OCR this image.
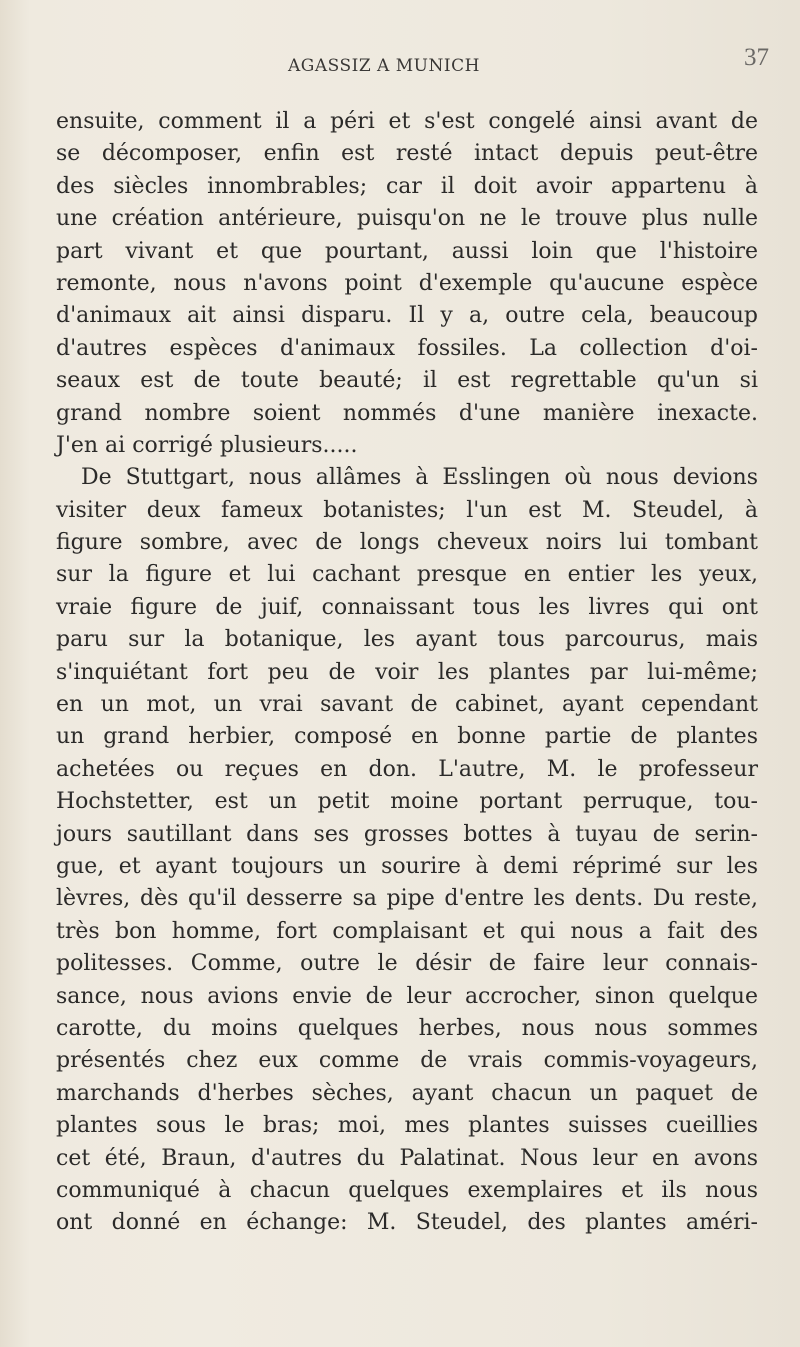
AGASSIZ A MUNICH	37
ensuite, comment il a péri et s'est congelé ainsi avant de
se décomposer, enfin est resté intact depuis peut-être
des siècles innombrables; car il doit avoir appartenu à
une création antérieure, puisqu'on ne le trouve plus nulle
part vivant et que pourtant, aussi loin que l'histoire
remonte, nous n'avons point d'exemple qu'aucune espèce
d'animaux ait ainsi disparu. Il y a, outre cela, beaucoup
d'autres espèces d'animaux fossiles. La collection d'oi-
seaux est de toute beauté; il est regrettable qu'un si
grand nombre soient nommés d'une manière inexacte.
J'en ai corrigé plusieurs.....
De Stuttgart, nous allâmes à Esslingen où nous devions
visiter deux fameux botanistes; l'un est M. Steudel, à
figure sombre, avec de longs cheveux noirs lui tombant
sur la figure et lui cachant presque en entier les yeux,
vraie figure de juif, connaissant tous les livres qui ont
paru sur la botanique, les ayant tous parcourus, mais
s'inquiétant fort peu de voir les plantes par lui-même;
en un mot, un vrai savant de cabinet, ayant cependant
un grand herbier, composé en bonne partie de plantes
achetées ou reçues en don. L'autre, M. le professeur
Hochstetter, est un petit moine portant perruque, tou-
jours sautillant dans ses grosses bottes à tuyau de serin-
gue, et ayant toujours un sourire à demi réprimé sur les
lèvres, dès qu'il desserre sa pipe d'entre les dents. Du reste,
très bon homme, fort complaisant et qui nous a fait des
politesses. Comme, outre le désir de faire leur connais-
sance, nous avions envie de leur accrocher, sinon quelque
carotte, du moins quelques herbes, nous nous sommes
présentés chez eux comme de vrais commis-voyageurs,
marchands d'herbes sèches, ayant chacun un paquet de
plantes sous le bras; moi, mes plantes suisses cueillies
cet été, Braun, d'autres du Palatinat. Nous leur en avons
communiqué à chacun quelques exemplaires et ils nous
ont donné en échange: M. Steudel, des plantes améri-
